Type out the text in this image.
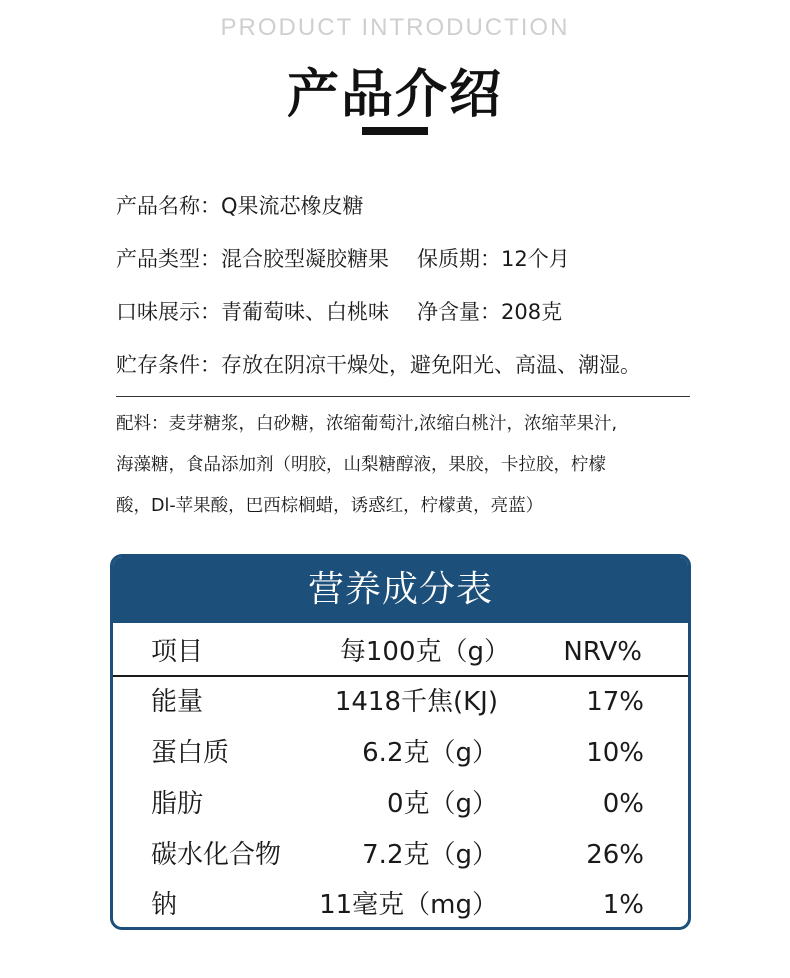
PRODUCT INTRODUCTION
产品介绍
产品名称：Q果流芯橡皮糖
产品类型：混合胶型凝胶糖果 保质期：12个月
口味展示：青葡萄味、白桃味 净含量：208克
贮存条件：存放在阴凉干燥处，避免阳光、高温、潮湿。
配料：麦芽糖浆，白砂糖，浓缩葡萄汁,浓缩白桃汁，浓缩苹果汁,
海藻糖，食品添加剂（明胶，山梨糖醇液，果胶，卡拉胶，柠檬
酸，Dl-苹果酸，巴西棕榈蜡，诱惑红，柠檬黄，亮蓝）
营养成分表
项目	每100克（g） NRV%
能量	1418千焦(KJ)	17%
蛋白质	6.2克（g）	10%
脂肪	0克（g）	0%
碳水化合物	7.2克（g）	26%
钠	11毫克（mg）	1%
